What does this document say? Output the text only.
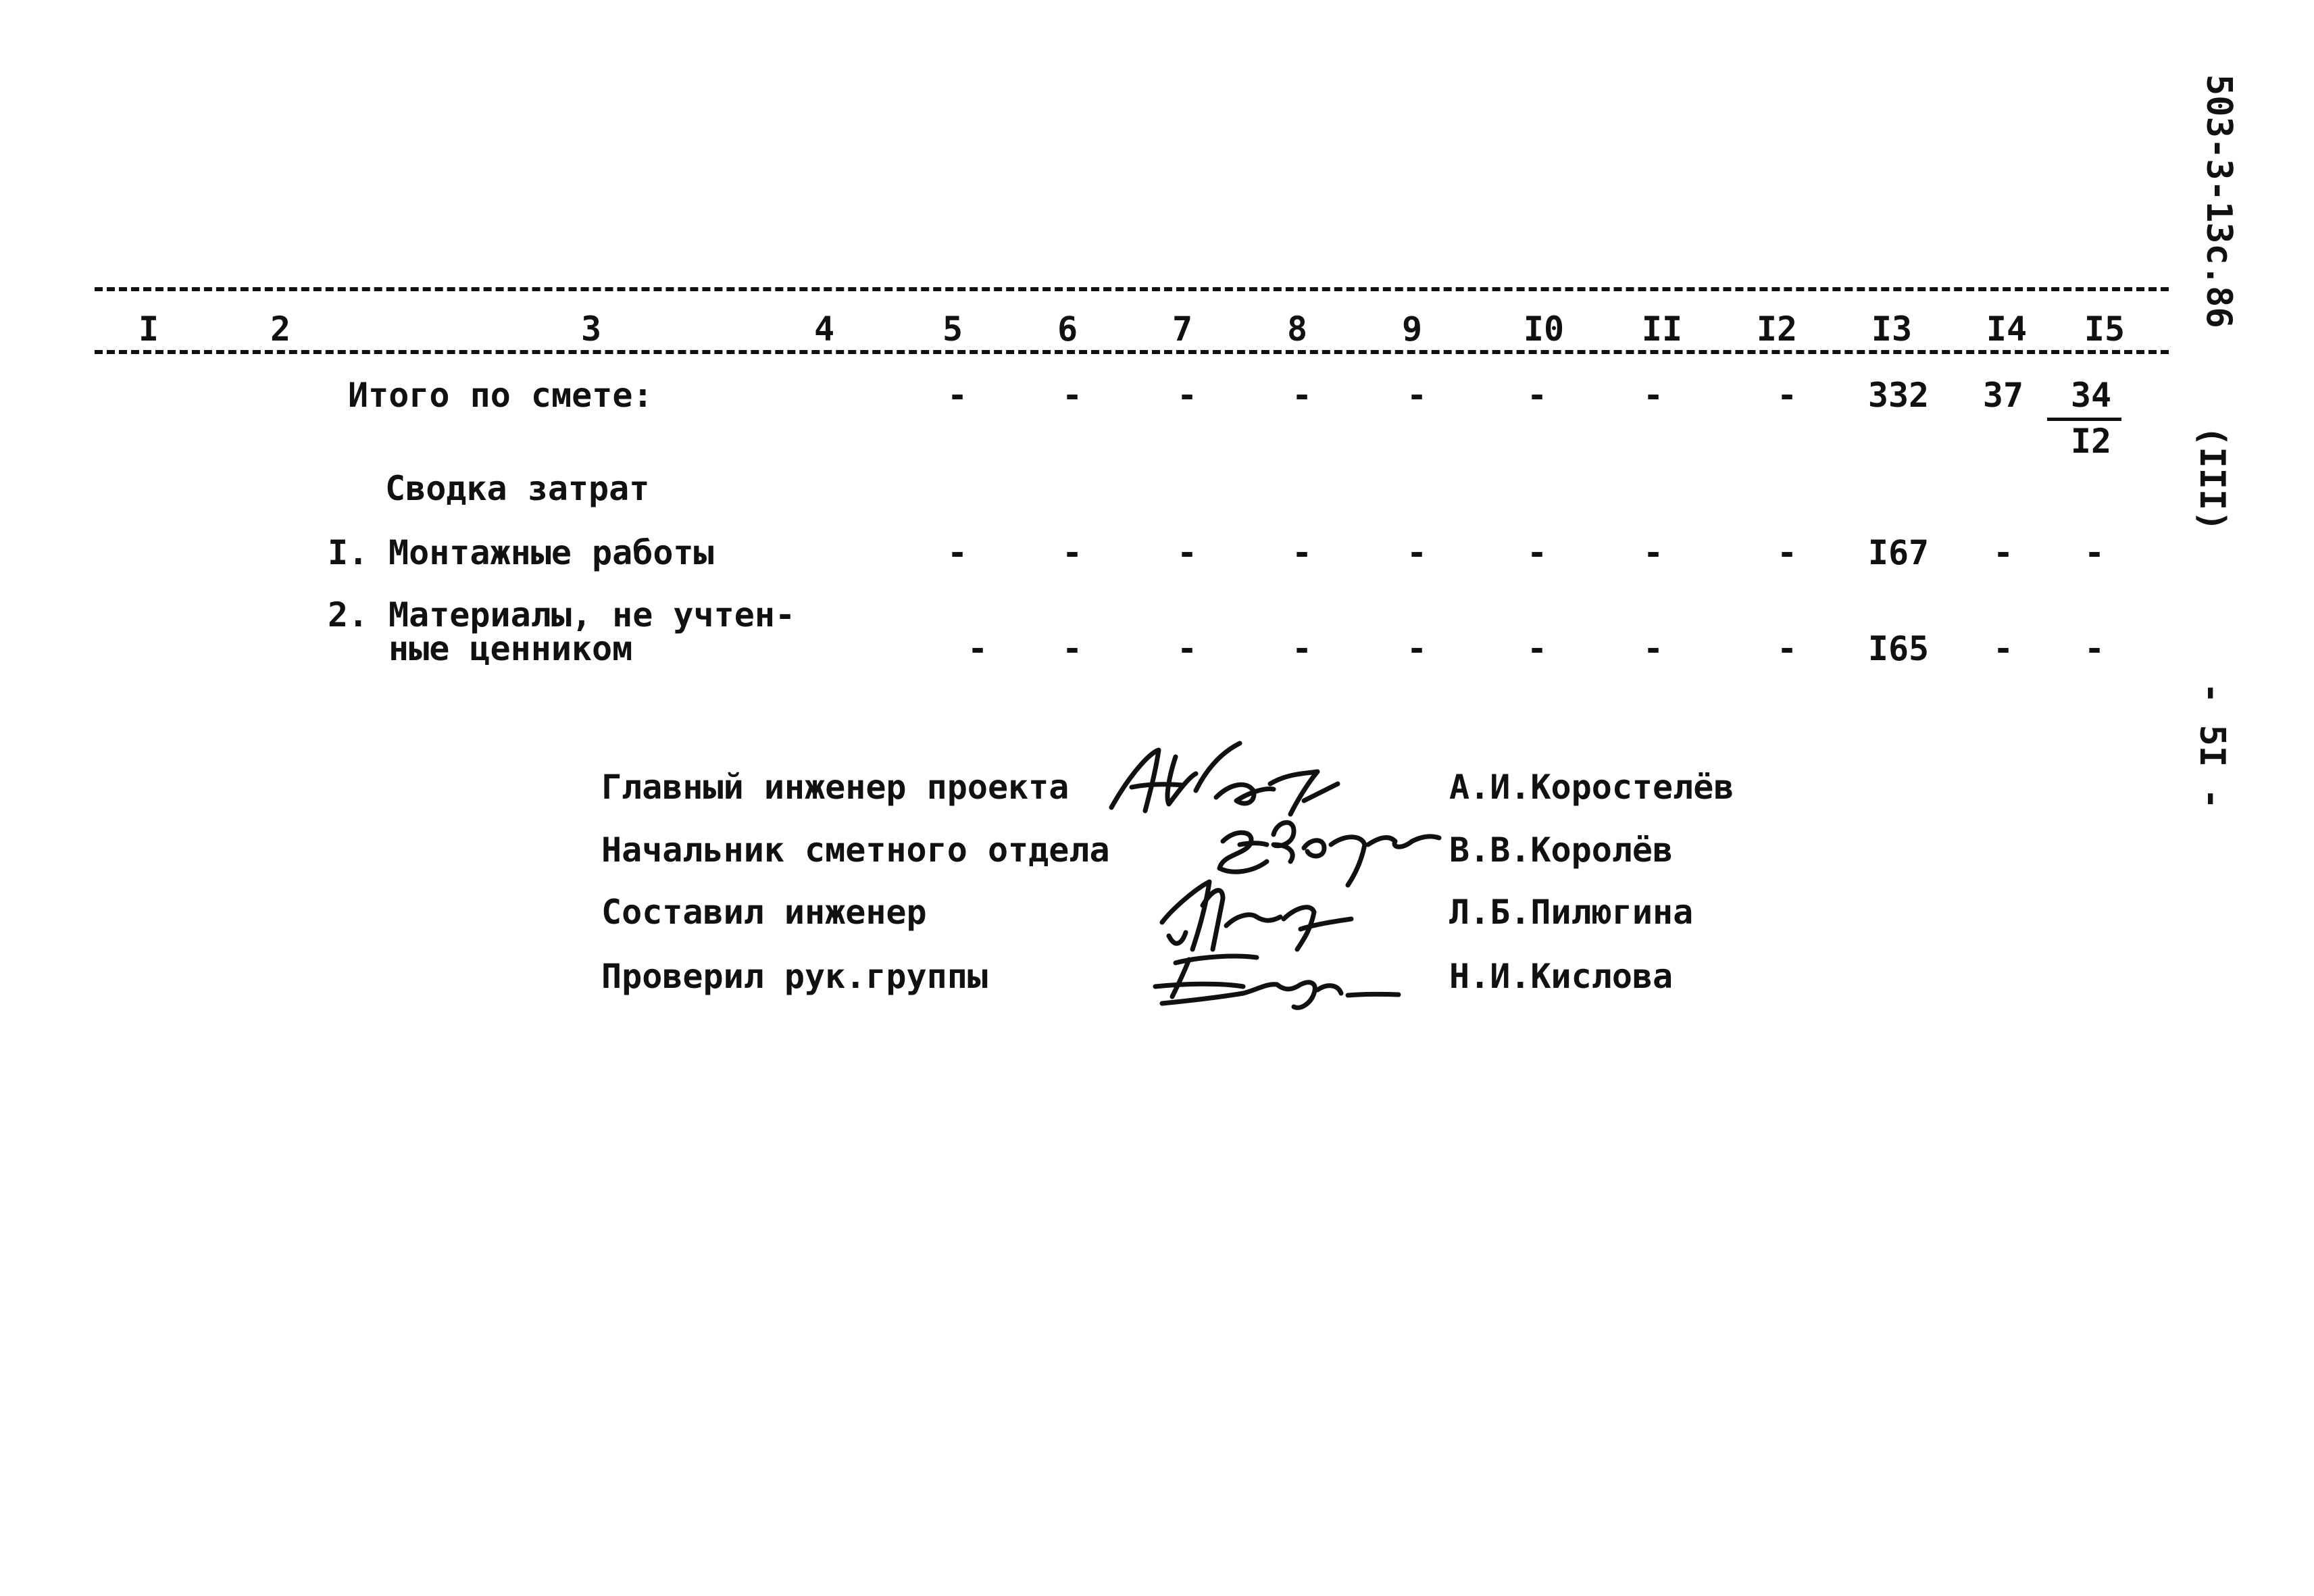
503-3-13с.86
(III)
- 5I -
I	2	3	4	5	6	7	8	9	I0 II I2 I3 I4 I5
Итого по смете:	-	-	-	-	-	-	-	-	332	37	34
I2
Сводка затрат
I. Монтажные работы	-	-	-	-	-	-	-	-	I67	-	-
2. Материалы, не учтен-
ные ценником	-	-	-	-	-	-	-	-	I65	-	-
Главный инженер проекта	А.И.Коростелёв
Начальник сметного отдела	В.В.Королёв
Составил инженер	Л.Б.Пилюгина
Проверил рук.группы	Н.И.Кислова
